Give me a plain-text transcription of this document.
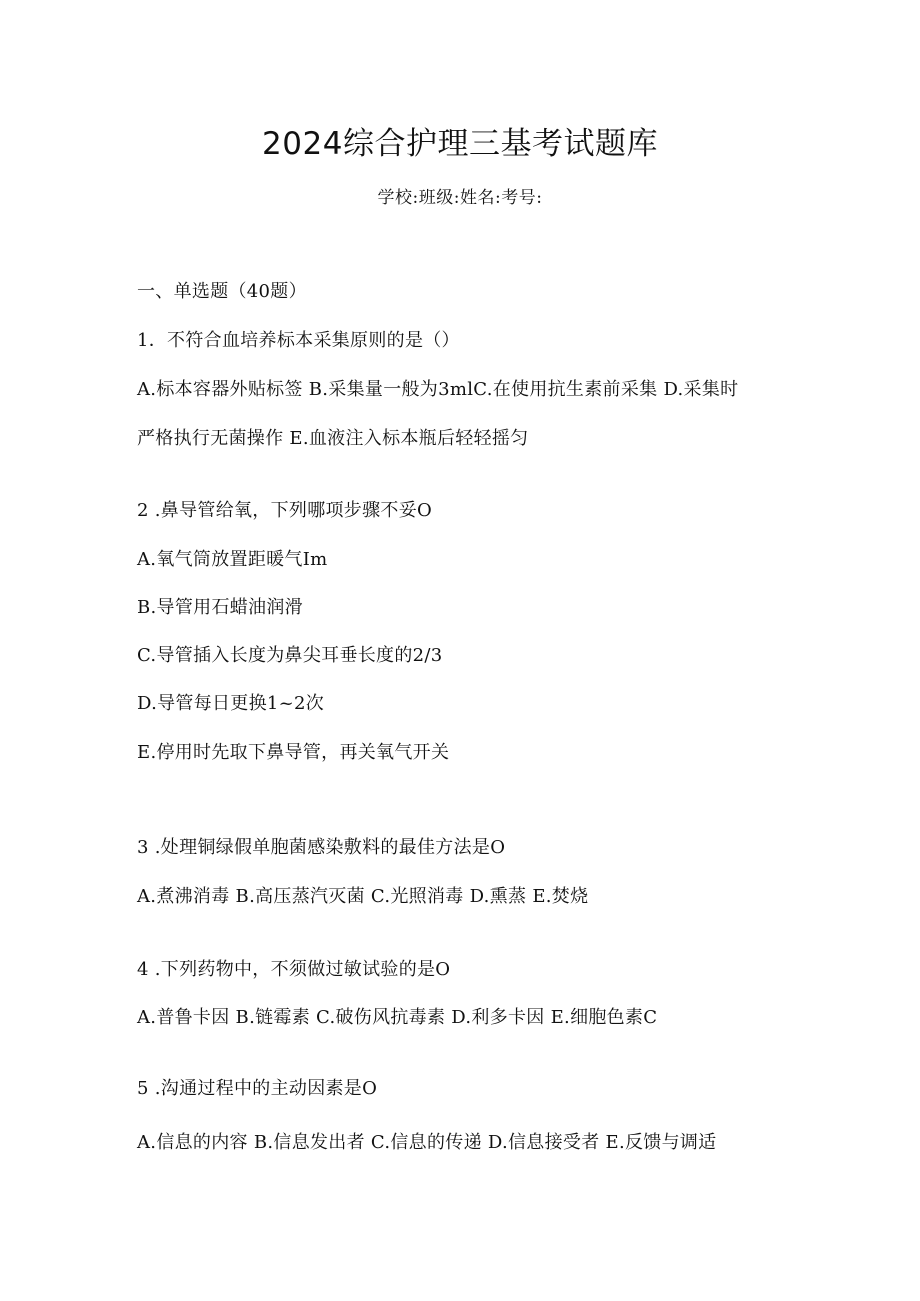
2024综合护理三基考试题库
学校:班级:姓名:考号:
一、单选题（40题）
1．不符合血培养标本采集原则的是（）
A.标本容器外贴标签 B.采集量一般为3mlC.在使用抗生素前采集 D.采集时
严格执行无菌操作 E.血液注入标本瓶后轻轻摇匀
2 .鼻导管给氧，下列哪项步骤不妥O
A.氧气筒放置距暖气Im
B.导管用石蜡油润滑
C.导管插入长度为鼻尖耳垂长度的2/3
D.导管每日更换1~2次
E.停用时先取下鼻导管，再关氧气开关
3 .处理铜绿假单胞菌感染敷料的最佳方法是O
A.煮沸消毒 B.高压蒸汽灭菌 C.光照消毒 D.熏蒸 E.焚烧
4 .下列药物中，不须做过敏试验的是O
A.普鲁卡因 B.链霉素 C.破伤风抗毒素 D.利多卡因 E.细胞色素C
5 .沟通过程中的主动因素是O
A.信息的内容 B.信息发出者 C.信息的传递 D.信息接受者 E.反馈与调适
